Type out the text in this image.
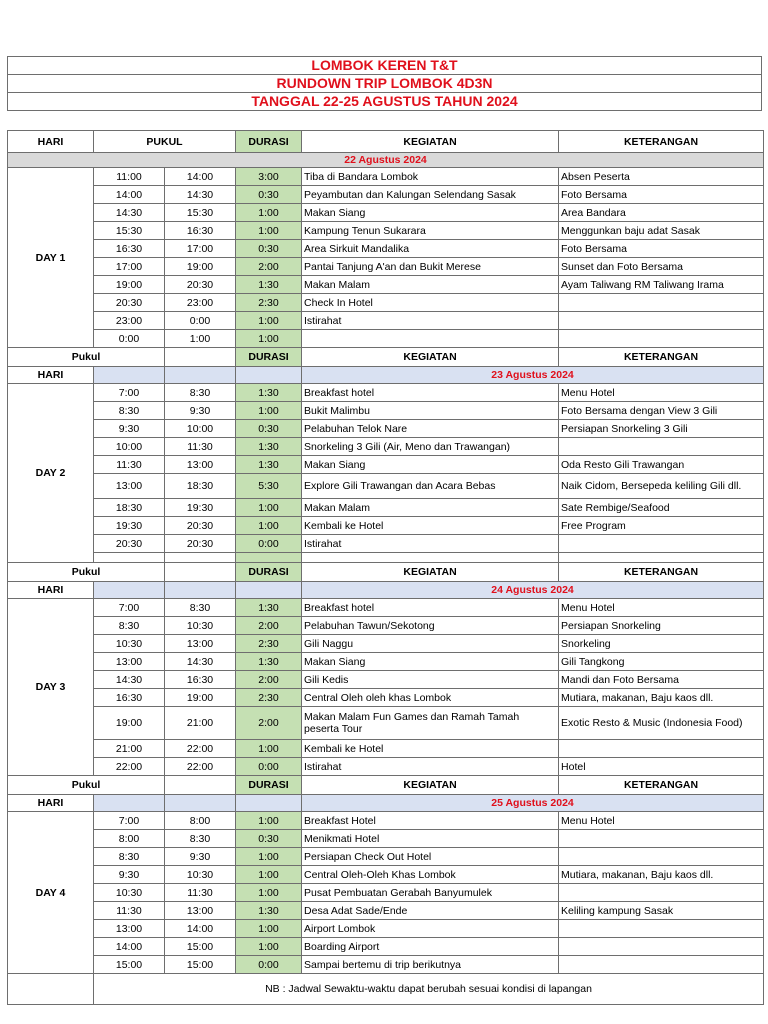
LOMBOK KEREN T&T
RUNDOWN TRIP LOMBOK 4D3N
TANGGAL 22-25 AGUSTUS TAHUN 2024
HARI	PUKUL		DURASI	KEGIATAN	KETERANGAN
22 Agustus 2024					
DAY 1	11:00	14:00	3:00	Tiba di Bandara Lombok	Absen Peserta
	14:00	14:30	0:30	Peyambutan dan Kalungan Selendang Sasak	Foto Bersama
	14:30	15:30	1:00	Makan Siang	Area Bandara
	15:30	16:30	1:00	Kampung Tenun Sukarara	Menggunkan baju adat Sasak
	16:30	17:00	0:30	Area Sirkuit Mandalika	Foto Bersama
	17:00	19:00	2:00	Pantai Tanjung A'an dan Bukit Merese	Sunset dan Foto Bersama
	19:00	20:30	1:30	Makan Malam	Ayam Taliwang RM Taliwang Irama
	20:30	23:00	2:30	Check In Hotel	
	23:00	0:00	1:00	Istirahat	
	0:00	1:00	1:00		
Pukul			DURASI	KEGIATAN	KETERANGAN
HARI				23 Agustus 2024	
DAY 2	7:00	8:30	1:30	Breakfast hotel	Menu Hotel
	8:30	9:30	1:00	Bukit Malimbu	Foto Bersama dengan View 3 Gili
	9:30	10:00	0:30	Pelabuhan Telok Nare	Persiapan Snorkeling 3 Gili
	10:00	11:30	1:30	Snorkeling 3 Gili (Air, Meno dan Trawangan)	
	11:30	13:00	1:30	Makan Siang	Oda Resto Gili Trawangan
	13:00	18:30	5:30	Explore Gili Trawangan dan Acara Bebas	Naik Cidom, Bersepeda keliling Gili dll.
	18:30	19:30	1:00	Makan Malam	Sate Rembige/Seafood
	19:30	20:30	1:00	Kembali ke Hotel	Free Program
	20:30	20:30	0:00	Istirahat	

Pukul			DURASI	KEGIATAN	KETERANGAN
HARI				24 Agustus 2024	
DAY 3	7:00	8:30	1:30	Breakfast hotel	Menu Hotel
	8:30	10:30	2:00	Pelabuhan Tawun/Sekotong	Persiapan Snorkeling
	10:30	13:00	2:30	Gili Naggu	Snorkeling
	13:00	14:30	1:30	Makan Siang	Gili Tangkong
	14:30	16:30	2:00	Gili Kedis	Mandi dan Foto Bersama
	16:30	19:00	2:30	Central Oleh oleh khas Lombok	Mutiara, makanan, Baju kaos dll.
	19:00	21:00	2:00	Makan Malam Fun Games dan Ramah Tamah peserta Tour	Exotic Resto & Music (Indonesia Food)
	21:00	22:00	1:00	Kembali ke Hotel	
	22:00	22:00	0:00	Istirahat	Hotel
Pukul			DURASI	KEGIATAN	KETERANGAN
HARI				25 Agustus 2024	
DAY 4	7:00	8:00	1:00	Breakfast Hotel	Menu Hotel
	8:00	8:30	0:30	Menikmati Hotel	
	8:30	9:30	1:00	Persiapan Check Out Hotel	
	9:30	10:30	1:00	Central Oleh-Oleh Khas Lombok	Mutiara, makanan, Baju kaos dll.
	10:30	11:30	1:00	Pusat Pembuatan Gerabah Banyumulek	
	11:30	13:00	1:30	Desa Adat Sade/Ende	Keliling kampung Sasak
	13:00	14:00	1:00	Airport Lombok	
	14:00	15:00	1:00	Boarding Airport	
	15:00	15:00	0:00	Sampai bertemu di trip berikutnya	
	NB : Jadwal Sewaktu-waktu dapat berubah sesuai kondisi di lapangan				
